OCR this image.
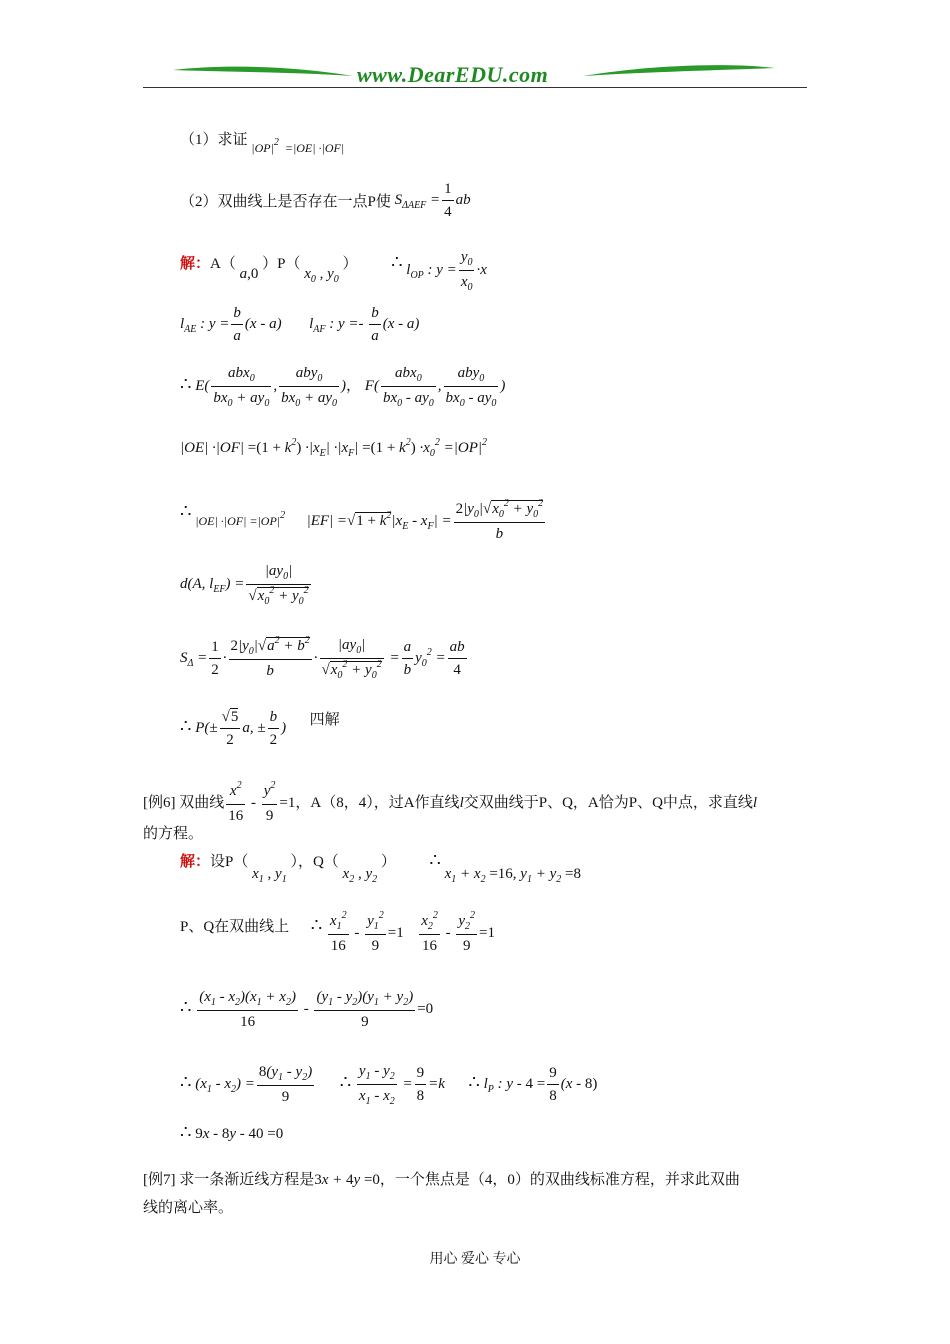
www.DearEDU.com
（1）求证 $_{|OP|^2 =|OE| \cdot|OF|}$
（2）双曲线上是否存在一点P使 $S_{\Delta AEF} = \frac{1}{4}$ ab
解：A（ a,0 ）P（ $x_0$ , $y_0$ ） ∴ $l_{OP}$ : $y = \frac{y_0}{x_0} \cdot x$
$l_{AE}$ : $y = \frac{b}{a} (x - a)$ $l_{AF}$ : $y =- \frac{b}{a} (x - a)$
∴ $E( \frac{abx_0}{bx_0 + ay_0}$ , $\frac{aby_0}{bx_0 + ay_0}$ )， $F( \frac{abx_0}{bx_0 - ay_0}$ , $\frac{aby_0}{bx_0 - ay_0}$ )
$|OE| \cdot|OF| =(1 + k^2) \cdot|x_E| \cdot|x_F| =(1 + k^2) \cdot x_0^2 =|OP|^2$
∴ $_{|OE| \cdot|OF| =|OP|^2}$ $|EF| =√1 + k^2|x_E - x_F| = \frac{2|y_0|√x_0^2 + y_0^2}{b}$
d(A, $l_{EF}) = \frac{|ay_0|}{√x_0^2 + y_0^2}$
$S_\Delta = \frac{1}{2} \cdot \frac{2|y_0|√a^2 + b^2}{b} \cdot \frac{|ay_0|}{√x_0^2 + y_0^2} = \frac{a}{b} y_0^2 = \frac{ab}{4}$
∴ $P(\pm \frac{√5}{2} a$, ± $\frac{b}{2}$ ) 四解
[例6] 双曲线 $\frac{x^2}{16} - \frac{y^2}{9} =1$，A（8，4），过A作直线l交双曲线于P、Q，A恰为P、Q中点，求直线l
的方程。
解：设P（ $x_1$ , $y_1$ ），Q（ $x_2$ , $y_2$ ） ∴ $x_1 + x_2 =16$, $y_1 + y_2 =8$
P、Q在双曲线上 ∴ $\frac{x_1^2}{16} - \frac{y_1^2}{9} =1 \frac{x_2^2}{16} - \frac{y_2^2}{9} =1$
∴ $\frac{(x_1 - x_2)(x_1 + x_2)}{16} - \frac{(y_1 - y_2)(y_1 + y_2)}{9} =0$
∴ $(x_1 - x_2) = \frac{8(y_1 - y_2)}{9}$ ∴ $\frac{y_1 - y_2}{x_1 - x_2} = \frac{9}{8} =k$ ∴ $l_P$ : $y - 4 = \frac{9}{8} (x - 8)$
∴ 9x - 8y - 40 =0
[例7] 求一条渐近线方程是3x + 4y =0，一个焦点是（4，0）的双曲线标准方程，并求此双曲
线的离心率。
用心 爱心 专心
